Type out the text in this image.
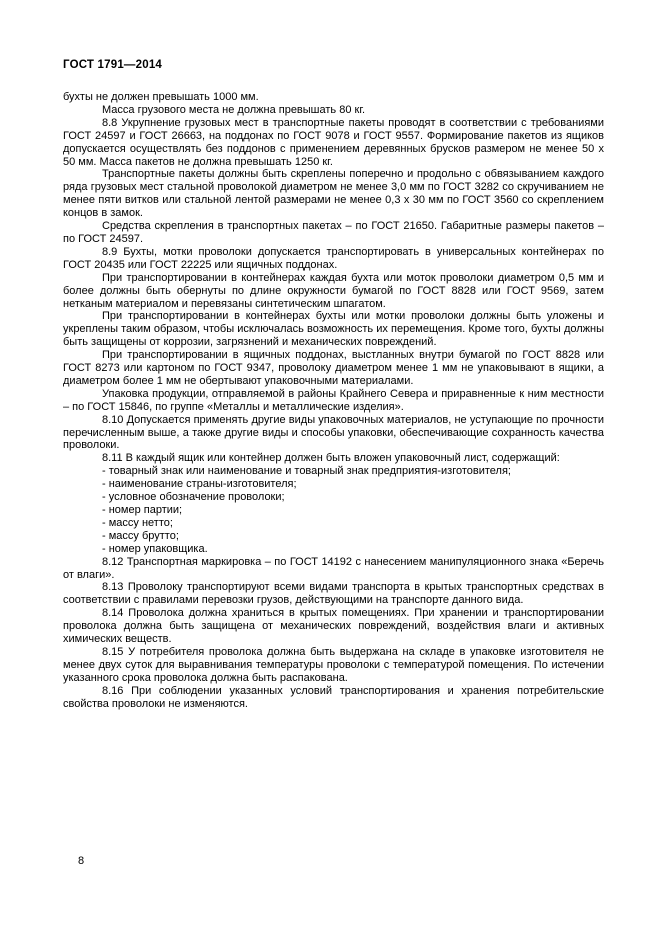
ГОСТ 1791—2014

бухты не должен превышать 1000 мм.

Масса грузового места не должна превышать 80 кг.

8.8 Укрупнение грузовых мест в транспортные пакеты проводят в соответствии с требованиями ГОСТ 24597 и ГОСТ 26663, на поддонах по ГОСТ 9078 и ГОСТ 9557. Формирование пакетов из ящиков допускается осуществлять без поддонов с применением деревянных брусков размером не менее 50 х 50 мм. Масса пакетов не должна превышать 1250 кг.

Транспортные пакеты должны быть скреплены поперечно и продольно с обвязыванием каждого ряда грузовых мест стальной проволокой диаметром не менее 3,0 мм по ГОСТ 3282 со скручиванием не менее пяти витков или стальной лентой размерами не менее 0,3 х 30 мм по ГОСТ 3560 со скреплением концов в замок.

Средства скрепления в транспортных пакетах – по ГОСТ 21650. Габаритные размеры пакетов – по ГОСТ 24597.

8.9 Бухты, мотки проволоки допускается транспортировать в универсальных контейнерах по ГОСТ 20435 или ГОСТ 22225 или ящичных поддонах.

При транспортировании в контейнерах каждая бухта или моток проволоки диаметром 0,5 мм и более должны быть обернуты по длине окружности бумагой по ГОСТ 8828 или ГОСТ 9569, затем нетканым материалом и перевязаны синтетическим шпагатом.

При транспортировании в контейнерах бухты или мотки проволоки должны быть уложены и укреплены таким образом, чтобы исключалась возможность их перемещения. Кроме того, бухты должны быть защищены от коррозии, загрязнений и механических повреждений.

При транспортировании в ящичных поддонах, выстланных внутри бумагой по ГОСТ 8828 или ГОСТ 8273 или картоном по ГОСТ 9347, проволоку диаметром менее 1 мм не упаковывают в ящики, а диаметром более 1 мм не обертывают упаковочными материалами.

Упаковка продукции, отправляемой в районы Крайнего Севера и приравненные к ним местности – по ГОСТ 15846, по группе «Металлы и металлические изделия».

8.10 Допускается применять другие виды упаковочных материалов, не уступающие по прочности перечисленным выше, а также другие виды и способы упаковки, обеспечивающие сохранность качества проволоки.

8.11 В каждый ящик или контейнер должен быть вложен упаковочный лист, содержащий:

- товарный знак или наименование и товарный знак предприятия-изготовителя;

- наименование страны-изготовителя;

- условное обозначение проволоки;

- номер партии;

- массу нетто;

- массу брутто;

- номер упаковщика.

8.12 Транспортная маркировка – по ГОСТ 14192 с нанесением манипуляционного знака «Беречь от влаги».

8.13 Проволоку транспортируют всеми видами транспорта в крытых транспортных средствах в соответствии с правилами перевозки грузов, действующими на транспорте данного вида.

8.14 Проволока должна храниться в крытых помещениях. При хранении и транспортировании проволока должна быть защищена от механических повреждений, воздействия влаги и активных химических веществ.

8.15 У потребителя проволока должна быть выдержана на складе в упаковке изготовителя не менее двух суток для выравнивания температуры проволоки с температурой помещения. По истечении указанного срока проволока должна быть распакована.

8.16 При соблюдении указанных условий транспортирования и хранения потребительские свойства проволоки не изменяются.

8
